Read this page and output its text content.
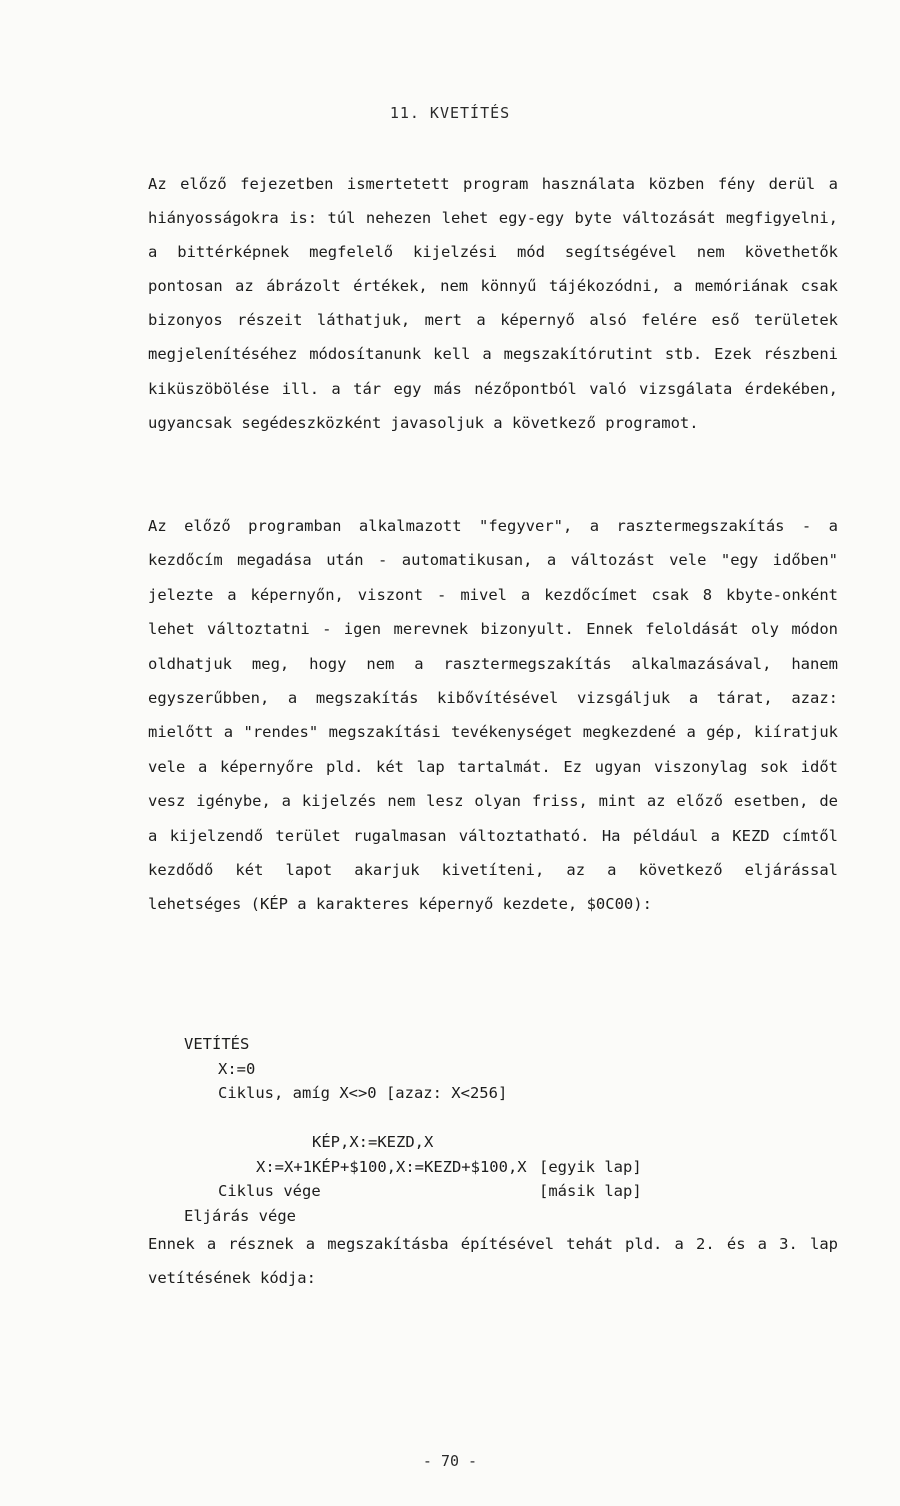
11. KVETÍTÉS
Az előző fejezetben ismertetett program használata közben fény derül a hiányosságokra is: túl nehezen lehet egy-egy byte változását megfigyelni, a bittérképnek megfelelő kijelzési mód segítségével nem követhetők pontosan az ábrázolt értékek, nem könnyű tájékozódni, a memóriának csak bizonyos részeit láthatjuk, mert a képernyő alsó felére eső területek megjelenítéséhez módosítanunk kell a megszakítórutint stb. Ezek részbeni kiküszöbölése ill. a tár egy más nézőpontból való vizsgálata érdekében, ugyancsak segédeszközként javasoljuk a következő programot.
Az előző programban alkalmazott "fegyver", a rasztermegszakítás - a kezdőcím megadása után - automatikusan, a változást vele "egy időben" jelezte a képernyőn, viszont - mivel a kezdőcímet csak 8 kbyte-onként lehet változtatni - igen merevnek bizonyult. Ennek feloldását oly módon oldhatjuk meg, hogy nem a rasztermegszakítás alkalmazásával, hanem egyszerűbben, a megszakítás kibővítésével vizsgáljuk a tárat, azaz: mielőtt a "rendes" megszakítási tevékenységet megkezdené a gép, kiíratjuk vele a képernyőre pld. két lap tartalmát. Ez ugyan viszonylag sok időt vesz igénybe, a kijelzés nem lesz olyan friss, mint az előző esetben, de a kijelzendő terület rugalmasan változtatható. Ha például a KEZD címtől kezdődő két lapot akarjuk kivetíteni, az a következő eljárással lehetséges (KÉP a karakteres képernyő kezdete, $0C00):
VETÍTÉS
X:=0
Ciklus, amíg X<>0 [azaz: X<256]

KÉP,X:=KEZD,X

[egyik lap]

KÉP+$100,X:=KEZD+$100,X

[másik lap]

X:=X+1
Ciklus vége
Eljárás vége
Ennek a résznek a megszakításba építésével tehát pld. a 2. és a 3. lap vetítésének kódja:
- 70 -
